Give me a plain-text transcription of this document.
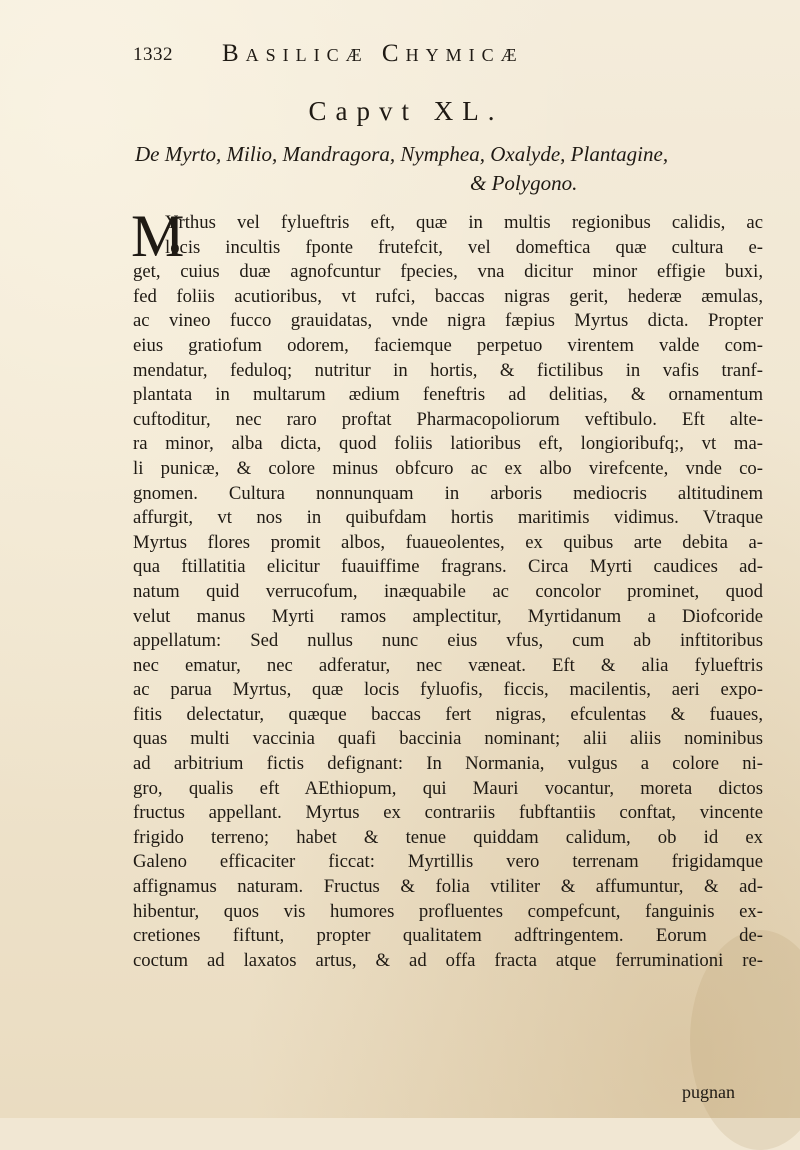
1332 Basilicæ Chymicæ
Capvt XL.
De Myrto, Milio, Mandragora, Nymphea, Oxalyde, Plantagine,
& Polygono.
M
Yrthus vel fylueftris eft, quæ in multis regionibus calidis, ac
locis incultis fponte frutefcit, vel domeftica quæ cultura e-
get, cuius duæ agnofcuntur fpecies, vna dicitur minor effigie buxi,
fed foliis acutioribus, vt rufci, baccas nigras gerit, hederæ æmulas,
ac vineo fucco grauidatas, vnde nigra fæpius Myrtus dicta. Propter
eius gratiofum odorem, faciemque perpetuo virentem valde com-
mendatur, feduloq; nutritur in hortis, & fictilibus in vafis tranf-
plantata in multarum ædium feneftris ad delitias, & ornamentum
cuftoditur, nec raro proftat Pharmacopoliorum veftibulo. Eft alte-
ra minor, alba dicta, quod foliis latioribus eft, longioribufq;, vt ma-
li punicæ, & colore minus obfcuro ac ex albo virefcente, vnde co-
gnomen. Cultura nonnunquam in arboris mediocris altitudinem
affurgit, vt nos in quibufdam hortis maritimis vidimus. Vtraque
Myrtus flores promit albos, fuaueolentes, ex quibus arte debita a-
qua ftillatitia elicitur fuauiffime fragrans. Circa Myrti caudices ad-
natum quid verrucofum, inæquabile ac concolor prominet, quod
velut manus Myrti ramos amplectitur, Myrtidanum a Diofcoride
appellatum: Sed nullus nunc eius vfus, cum ab inftitoribus
nec ematur, nec adferatur, nec væneat. Eft & alia fylueftris
ac parua Myrtus, quæ locis fyluofis, ficcis, macilentis, aeri expo-
fitis delectatur, quæque baccas fert nigras, efculentas & fuaues,
quas multi vaccinia quafi baccinia nominant; alii aliis nominibus
ad arbitrium fictis defignant: In Normania, vulgus a colore ni-
gro, qualis eft AEthiopum, qui Mauri vocantur, moreta dictos
fructus appellant. Myrtus ex contrariis fubftantiis conftat, vincente
frigido terreno; habet & tenue quiddam calidum, ob id ex
Galeno efficaciter ficcat: Myrtillis vero terrenam frigidamque
affignamus naturam. Fructus & folia vtiliter & affumuntur, & ad-
hibentur, quos vis humores profluentes compefcunt, fanguinis ex-
cretiones fiftunt, propter qualitatem adftringentem. Eorum de-
coctum ad laxatos artus, & ad offa fracta atque ferruminationi re-
pugnan
